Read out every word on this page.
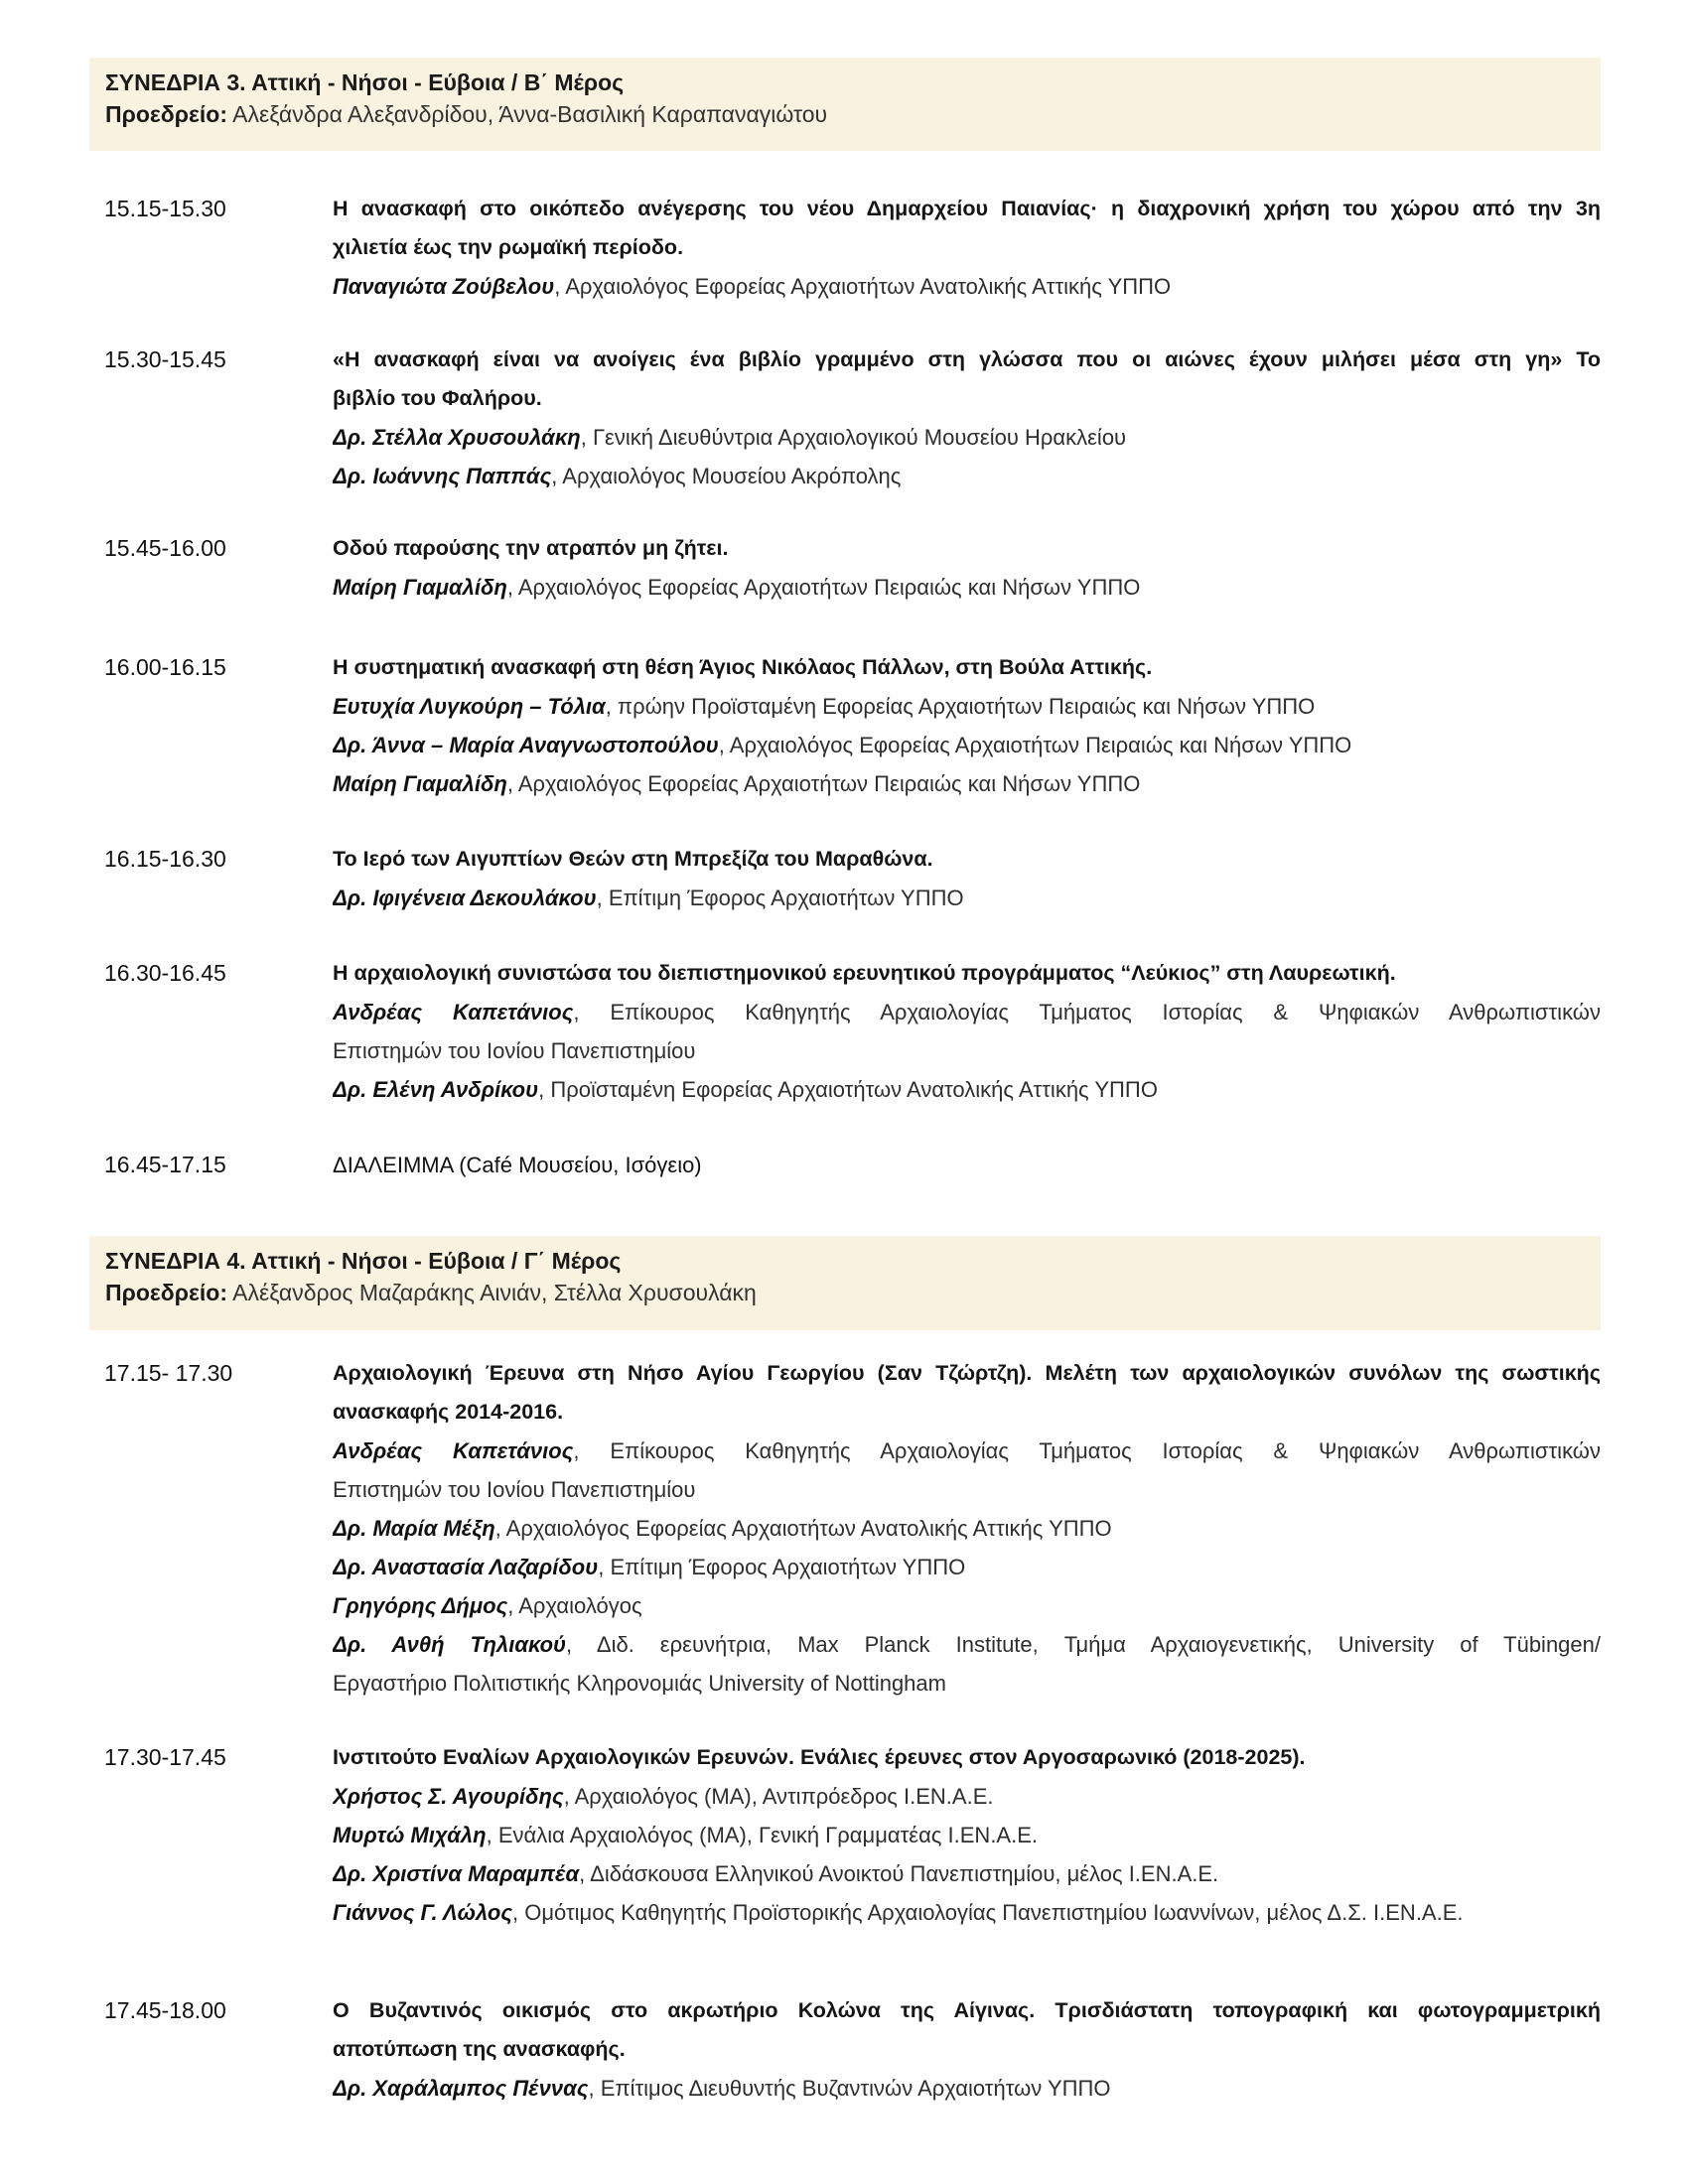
ΣΥΝΕΔΡΙΑ 3. Αττική - Νήσοι - Εύβοια / Β΄ Μέρος
Προεδρείο: Αλεξάνδρα Αλεξανδρίδου, Άννα-Βασιλική Καραπαναγιώτου
15.15-15.30	Η ανασκαφή στο οικόπεδο ανέγερσης του νέου Δημαρχείου Παιανίας· η διαχρονική χρήση του χώρου από την 3η
χιλιετία έως την ρωμαϊκή περίοδο.
Παναγιώτα Ζούβελου, Αρχαιολόγος Εφορείας Αρχαιοτήτων Ανατολικής Αττικής ΥΠΠΟ
15.30-15.45	«Η ανασκαφή είναι να ανοίγεις ένα βιβλίο γραμμένο στη γλώσσα που οι αιώνες έχουν μιλήσει μέσα στη γη» Το
βιβλίο του Φαλήρου.
Δρ. Στέλλα Χρυσουλάκη, Γενική Διευθύντρια Αρχαιολογικού Μουσείου Ηρακλείου
Δρ. Ιωάννης Παππάς, Αρχαιολόγος Μουσείου Ακρόπολης
15.45-16.00	Οδού παρούσης την ατραπόν μη ζήτει.
Μαίρη Γιαμαλίδη, Αρχαιολόγος Εφορείας Αρχαιοτήτων Πειραιώς και Νήσων ΥΠΠΟ
16.00-16.15	Η συστηματική ανασκαφή στη θέση Άγιος Νικόλαος Πάλλων, στη Βούλα Αττικής.
Ευτυχία Λυγκούρη – Τόλια, πρώην Προϊσταμένη Εφορείας Αρχαιοτήτων Πειραιώς και Νήσων ΥΠΠΟ
Δρ. Άννα – Μαρία Αναγνωστοπούλου, Αρχαιολόγος Εφορείας Αρχαιοτήτων Πειραιώς και Νήσων ΥΠΠΟ
Μαίρη Γιαμαλίδη, Αρχαιολόγος Εφορείας Αρχαιοτήτων Πειραιώς και Νήσων ΥΠΠΟ
16.15-16.30	Το Ιερό των Αιγυπτίων Θεών στη Μπρεξίζα του Μαραθώνα.
Δρ. Ιφιγένεια Δεκουλάκου, Επίτιμη Έφορος Αρχαιοτήτων ΥΠΠΟ
16.30-16.45	Η αρχαιολογική συνιστώσα του διεπιστημονικού ερευνητικού προγράμματος “Λεύκιος” στη Λαυρεωτική.
Ανδρέας Καπετάνιος, Επίκουρος Καθηγητής Αρχαιολογίας Τμήματος Ιστορίας & Ψηφιακών Ανθρωπιστικών
Επιστημών του Ιονίου Πανεπιστημίου
Δρ. Ελένη Ανδρίκου, Προϊσταμένη Εφορείας Αρχαιοτήτων Ανατολικής Αττικής ΥΠΠΟ
16.45-17.15	ΔΙΑΛΕΙΜΜΑ (Café Μουσείου, Ισόγειο)
ΣΥΝΕΔΡΙΑ 4. Αττική - Νήσοι - Εύβοια / Γ΄ Μέρος
Προεδρείο: Αλέξανδρος Μαζαράκης Αινιάν, Στέλλα Χρυσουλάκη
17.15- 17.30	Αρχαιολογική Έρευνα στη Νήσο Αγίου Γεωργίου (Σαν Τζώρτζη). Μελέτη των αρχαιολογικών συνόλων της σωστικής
ανασκαφής 2014-2016.
Ανδρέας Καπετάνιος, Επίκουρος Καθηγητής Αρχαιολογίας Τμήματος Ιστορίας & Ψηφιακών Ανθρωπιστικών
Επιστημών του Ιονίου Πανεπιστημίου
Δρ. Μαρία Μέξη, Αρχαιολόγος Εφορείας Αρχαιοτήτων Ανατολικής Αττικής ΥΠΠΟ
Δρ. Αναστασία Λαζαρίδου, Επίτιμη Έφορος Αρχαιοτήτων ΥΠΠΟ
Γρηγόρης Δήμος, Αρχαιολόγος
Δρ. Ανθή Τηλιακού, Διδ. ερευνήτρια, Max Planck Institute, Τμήμα Αρχαιογενετικής, University of Tübingen/
Εργαστήριο Πολιτιστικής Κληρονομιάς University of Nottingham
17.30-17.45	Ινστιτούτο Εναλίων Αρχαιολογικών Ερευνών. Ενάλιες έρευνες στον Αργοσαρωνικό (2018-2025).
Χρήστος Σ. Αγουρίδης, Αρχαιολόγος (MA), Αντιπρόεδρος Ι.ΕΝ.Α.Ε.
Μυρτώ Μιχάλη, Ενάλια Αρχαιολόγος (MA), Γενική Γραμματέας Ι.ΕΝ.Α.Ε.
Δρ. Χριστίνα Μαραμπέα, Διδάσκουσα Ελληνικού Ανοικτού Πανεπιστημίου, μέλος Ι.ΕΝ.Α.Ε.
Γιάννος Γ. Λώλος, Ομότιμος Καθηγητής Προϊστορικής Αρχαιολογίας Πανεπιστημίου Ιωαννίνων, μέλος Δ.Σ. Ι.ΕΝ.Α.Ε.
17.45-18.00	Ο Βυζαντινός οικισμός στο ακρωτήριο Κολώνα της Αίγινας. Τρισδιάστατη τοπογραφική και φωτογραμμετρική
αποτύπωση της ανασκαφής.
Δρ. Χαράλαμπος Πέννας, Επίτιμος Διευθυντής Βυζαντινών Αρχαιοτήτων ΥΠΠΟ
